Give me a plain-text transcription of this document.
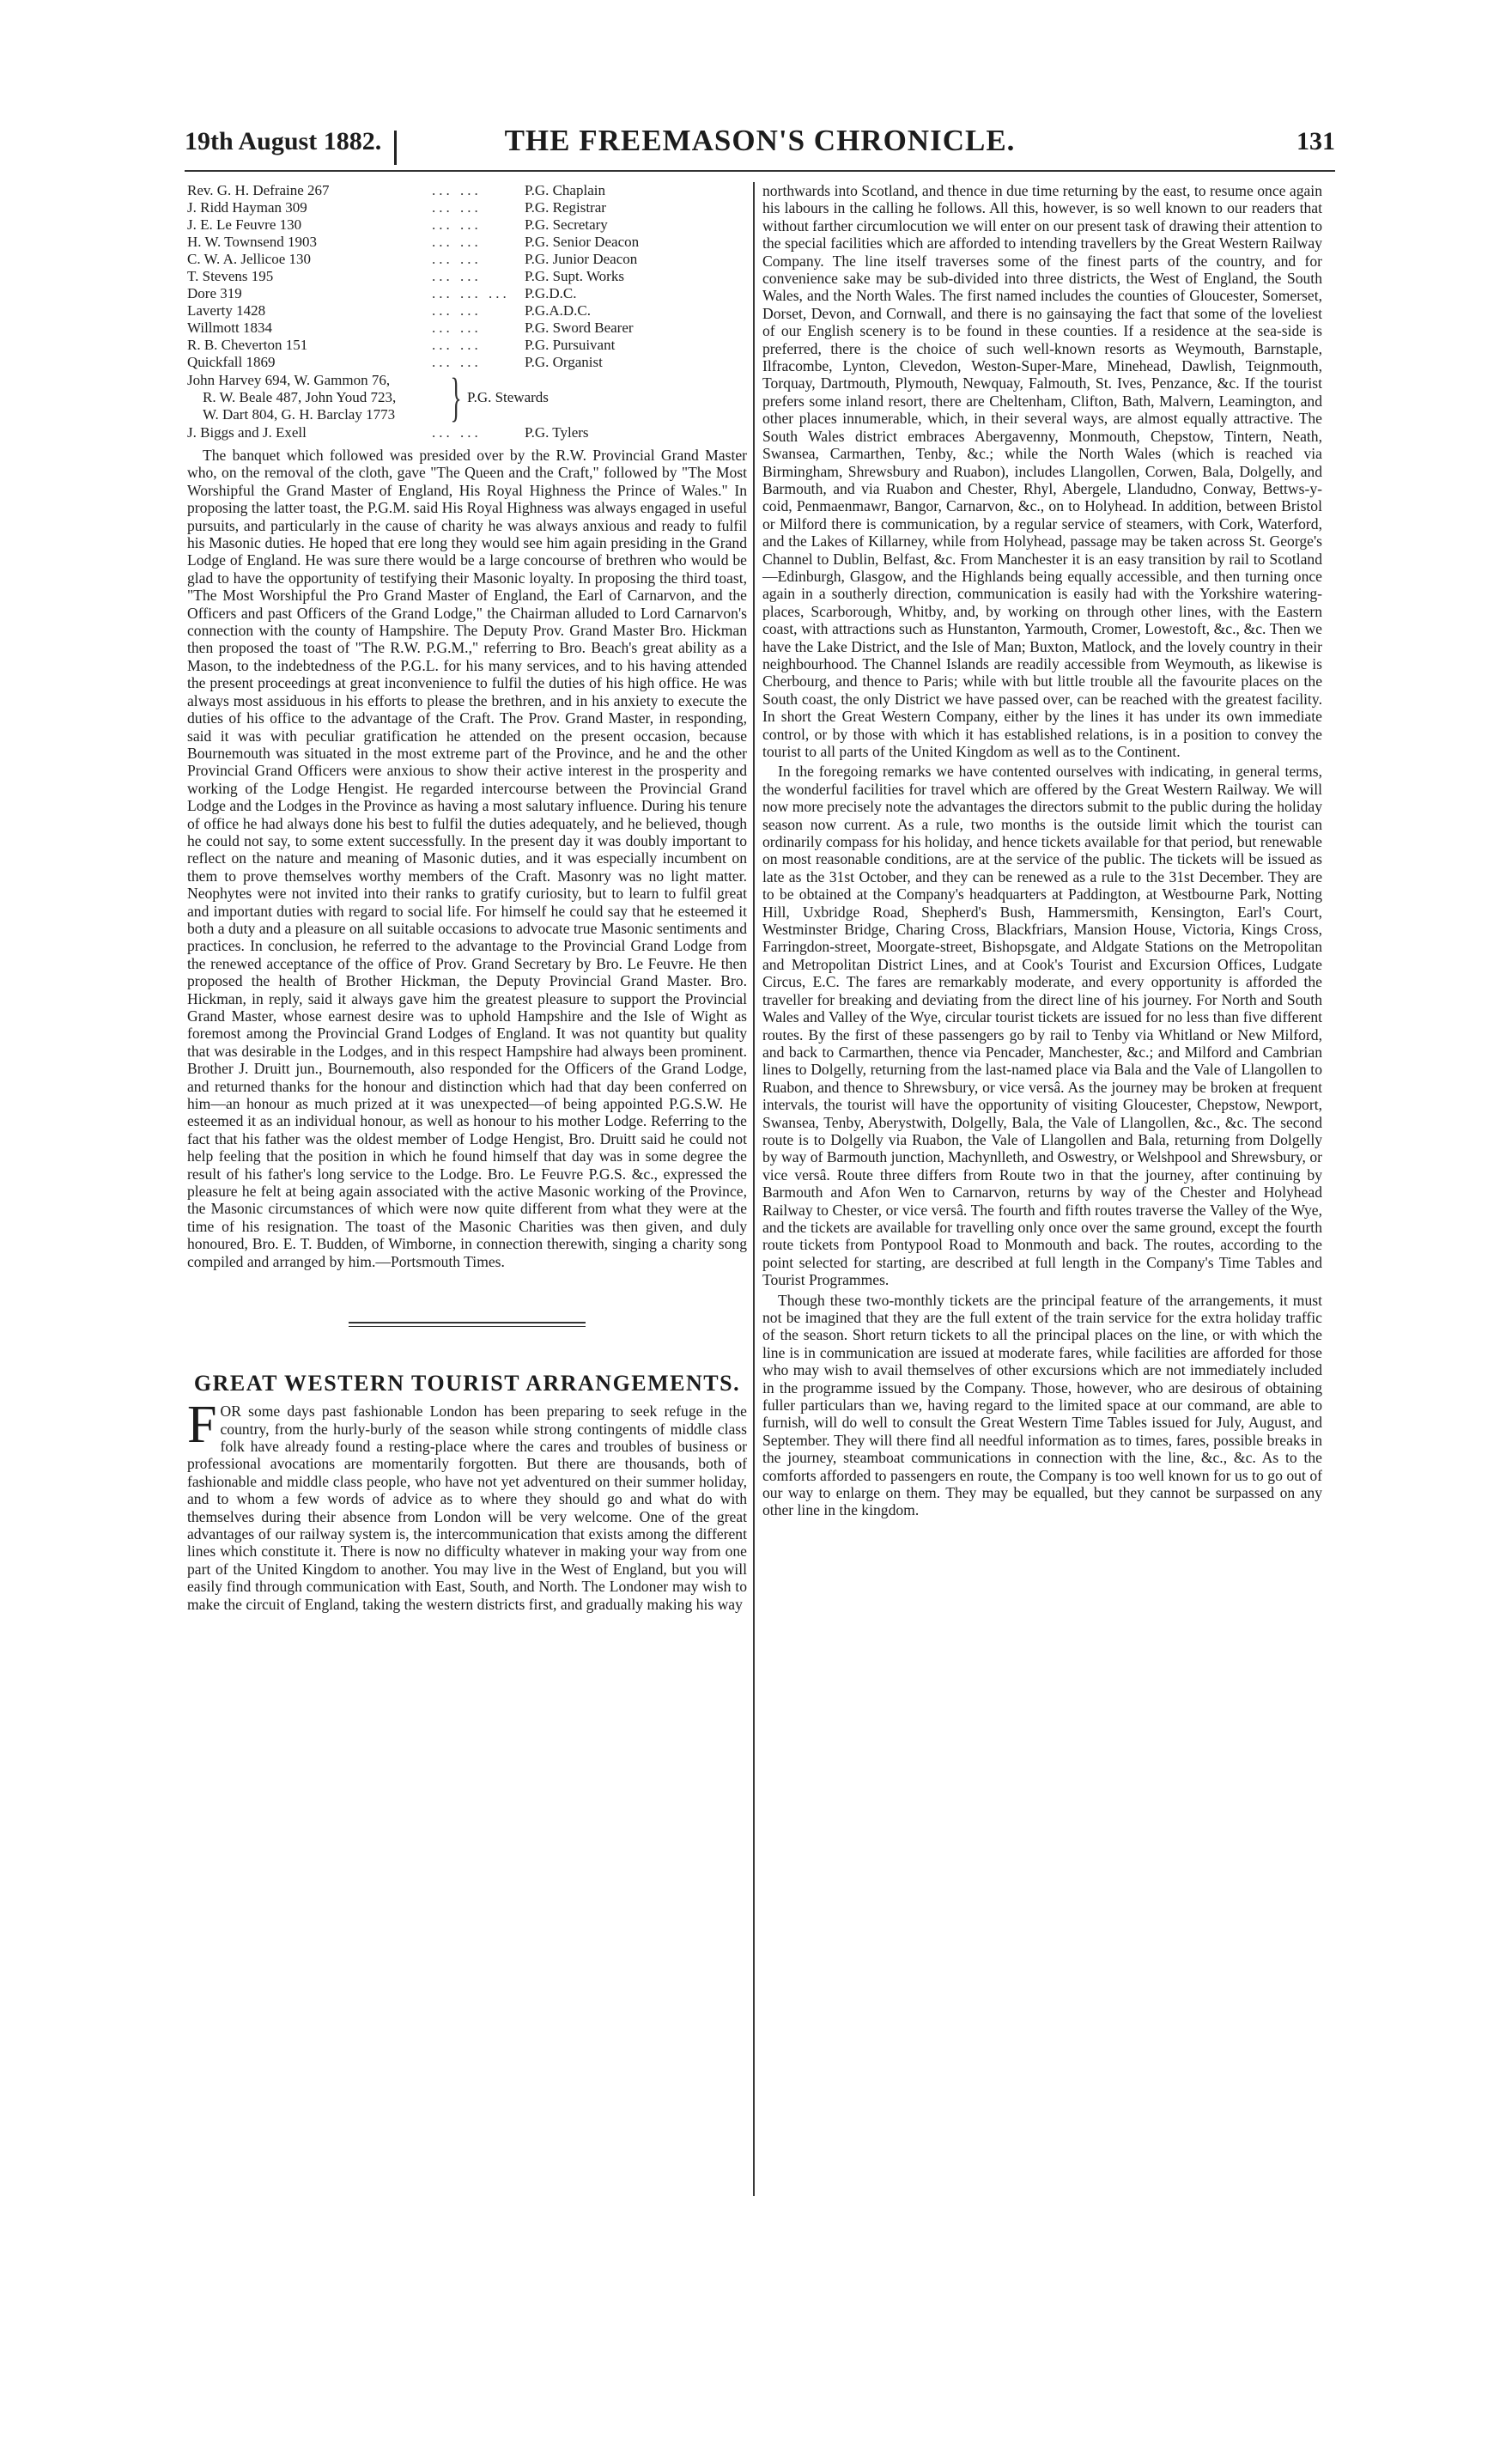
19th August 1882.	THE FREEMASON'S CHRONICLE.	131
Rev. G. H. Defraine 267	... ...	P.G. Chaplain
J. Ridd Hayman 309	... ...	P.G. Registrar
J. E. Le Feuvre 130	... ...	P.G. Secretary
H. W. Townsend 1903	... ...	P.G. Senior Deacon
C. W. A. Jellicoe 130	... ...	P.G. Junior Deacon
T. Stevens 195	... ...	P.G. Supt. Works
Dore 319	... ... ...	P.G.D.C.
Laverty 1428	... ...	P.G.A.D.C.
Willmott 1834	... ...	P.G. Sword Bearer
R. B. Cheverton 151	... ...	P.G. Pursuivant
Quickfall 1869	... ...	P.G. Organist
John Harvey 694, W. Gammon 76,
R. W. Beale 487, John Youd 723,
W. Dart 804, G. H. Barclay 1773	} P.G. Stewards
J. Biggs and J. Exell	... ...	P.G. Tylers

The banquet which followed was presided over by the R.W. Provincial Grand Master who, on the removal of the cloth, gave "The Queen and the Craft," followed by "The Most Worshipful the Grand Master of England, His Royal Highness the Prince of Wales." In proposing the latter toast, the P.G.M. said His Royal Highness was always engaged in useful pursuits, and particularly in the cause of charity he was always anxious and ready to fulfil his Masonic duties. He hoped that ere long they would see him again presiding in the Grand Lodge of England. He was sure there would be a large concourse of brethren who would be glad to have the opportunity of testifying their Masonic loyalty. In proposing the third toast, "The Most Worshipful the Pro Grand Master of England, the Earl of Carnarvon, and the Officers and past Officers of the Grand Lodge," the Chairman alluded to Lord Carnarvon's connection with the county of Hampshire. The Deputy Prov. Grand Master Bro. Hickman then proposed the toast of "The R.W. P.G.M.," referring to Bro. Beach's great ability as a Mason, to the indebtedness of the P.G.L. for his many services, and to his having attended the present proceedings at great inconvenience to fulfil the duties of his high office. He was always most assiduous in his efforts to please the brethren, and in his anxiety to execute the duties of his office to the advantage of the Craft. The Prov. Grand Master, in responding, said it was with peculiar gratification he attended on the present occasion, because Bournemouth was situated in the most extreme part of the Province, and he and the other Provincial Grand Officers were anxious to show their active interest in the prosperity and working of the Lodge Hengist. He regarded intercourse between the Provincial Grand Lodge and the Lodges in the Province as having a most salutary influence. During his tenure of office he had always done his best to fulfil the duties adequately, and he believed, though he could not say, to some extent successfully. In the present day it was doubly important to reflect on the nature and meaning of Masonic duties, and it was especially incumbent on them to prove themselves worthy members of the Craft. Masonry was no light matter. Neophytes were not invited into their ranks to gratify curiosity, but to learn to fulfil great and important duties with regard to social life. For himself he could say that he esteemed it both a duty and a pleasure on all suitable occasions to advocate true Masonic sentiments and practices. In conclusion, he referred to the advantage to the Provincial Grand Lodge from the renewed acceptance of the office of Prov. Grand Secretary by Bro. Le Feuvre. He then proposed the health of Brother Hickman, the Deputy Provincial Grand Master. Bro. Hickman, in reply, said it always gave him the greatest pleasure to support the Provincial Grand Master, whose earnest desire was to uphold Hampshire and the Isle of Wight as foremost among the Provincial Grand Lodges of England. It was not quantity but quality that was desirable in the Lodges, and in this respect Hampshire had always been prominent. Brother J. Druitt jun., Bournemouth, also responded for the Officers of the Grand Lodge, and returned thanks for the honour and distinction which had that day been conferred on him—an honour as much prized at it was unexpected—of being appointed P.G.S.W. He esteemed it as an individual honour, as well as honour to his mother Lodge. Referring to the fact that his father was the oldest member of Lodge Hengist, Bro. Druitt said he could not help feeling that the position in which he found himself that day was in some degree the result of his father's long service to the Lodge. Bro. Le Feuvre P.G.S. &c., expressed the pleasure he felt at being again associated with the active Masonic working of the Province, the Masonic circumstances of which were now quite different from what they were at the time of his resignation. The toast of the Masonic Charities was then given, and duly honoured, Bro. E. T. Budden, of Wimborne, in connection therewith, singing a charity song compiled and arranged by him.—Portsmouth Times.

GREAT WESTERN TOURIST ARRANGEMENTS.

FOR some days past fashionable London has been preparing to seek refuge in the country, from the hurly-burly of the season while strong contingents of middle class folk have already found a resting-place where the cares and troubles of business or professional avocations are momentarily forgotten. But there are thousands, both of fashionable and middle class people, who have not yet adventured on their summer holiday, and to whom a few words of advice as to where they should go and what do with themselves during their absence from London will be very welcome. One of the great advantages of our railway system is, the intercommunication that exists among the different lines which constitute it. There is now no difficulty whatever in making your way from one part of the United Kingdom to another. You may live in the West of England, but you will easily find through communication with East, South, and North. The Londoner may wish to make the circuit of England, taking the western districts first, and gradually making his way

northwards into Scotland, and thence in due time returning by the east, to resume once again his labours in the calling he follows. All this, however, is so well known to our readers that without farther circumlocution we will enter on our present task of drawing their attention to the special facilities which are afforded to intending travellers by the Great Western Railway Company. The line itself traverses some of the finest parts of the country, and for convenience sake may be sub-divided into three districts, the West of England, the South Wales, and the North Wales. The first named includes the counties of Gloucester, Somerset, Dorset, Devon, and Cornwall, and there is no gainsaying the fact that some of the loveliest of our English scenery is to be found in these counties. If a residence at the sea-side is preferred, there is the choice of such well-known resorts as Weymouth, Barnstaple, Ilfracombe, Lynton, Clevedon, Weston-Super-Mare, Minehead, Dawlish, Teignmouth, Torquay, Dartmouth, Plymouth, Newquay, Falmouth, St. Ives, Penzance, &c. If the tourist prefers some inland resort, there are Cheltenham, Clifton, Bath, Malvern, Leamington, and other places innumerable, which, in their several ways, are almost equally attractive. The South Wales district embraces Abergavenny, Monmouth, Chepstow, Tintern, Neath, Swansea, Carmarthen, Tenby, &c.; while the North Wales (which is reached via Birmingham, Shrewsbury and Ruabon), includes Llangollen, Corwen, Bala, Dolgelly, and Barmouth, and via Ruabon and Chester, Rhyl, Abergele, Llandudno, Conway, Bettws-y-coid, Penmaenmawr, Bangor, Carnarvon, &c., on to Holyhead. In addition, between Bristol or Milford there is communication, by a regular service of steamers, with Cork, Waterford, and the Lakes of Killarney, while from Holyhead, passage may be taken across St. George's Channel to Dublin, Belfast, &c. From Manchester it is an easy transition by rail to Scotland—Edinburgh, Glasgow, and the Highlands being equally accessible, and then turning once again in a southerly direction, communication is easily had with the Yorkshire watering-places, Scarborough, Whitby, and, by working on through other lines, with the Eastern coast, with attractions such as Hunstanton, Yarmouth, Cromer, Lowestoft, &c., &c. Then we have the Lake District, and the Isle of Man; Buxton, Matlock, and the lovely country in their neighbourhood. The Channel Islands are readily accessible from Weymouth, as likewise is Cherbourg, and thence to Paris; while with but little trouble all the favourite places on the South coast, the only District we have passed over, can be reached with the greatest facility. In short the Great Western Company, either by the lines it has under its own immediate control, or by those with which it has established relations, is in a position to convey the tourist to all parts of the United Kingdom as well as to the Continent.

In the foregoing remarks we have contented ourselves with indicating, in general terms, the wonderful facilities for travel which are offered by the Great Western Railway. We will now more precisely note the advantages the directors submit to the public during the holiday season now current. As a rule, two months is the outside limit which the tourist can ordinarily compass for his holiday, and hence tickets available for that period, but renewable on most reasonable conditions, are at the service of the public. The tickets will be issued as late as the 31st October, and they can be renewed as a rule to the 31st December. They are to be obtained at the Company's headquarters at Paddington, at Westbourne Park, Notting Hill, Uxbridge Road, Shepherd's Bush, Hammersmith, Kensington, Earl's Court, Westminster Bridge, Charing Cross, Blackfriars, Mansion House, Victoria, Kings Cross, Farringdon-street, Moorgate-street, Bishopsgate, and Aldgate Stations on the Metropolitan and Metropolitan District Lines, and at Cook's Tourist and Excursion Offices, Ludgate Circus, E.C. The fares are remarkably moderate, and every opportunity is afforded the traveller for breaking and deviating from the direct line of his journey. For North and South Wales and Valley of the Wye, circular tourist tickets are issued for no less than five different routes. By the first of these passengers go by rail to Tenby via Whitland or New Milford, and back to Carmarthen, thence via Pencader, Manchester, &c.; and Milford and Cambrian lines to Dolgelly, returning from the last-named place via Bala and the Vale of Llangollen to Ruabon, and thence to Shrewsbury, or vice versâ. As the journey may be broken at frequent intervals, the tourist will have the opportunity of visiting Gloucester, Chepstow, Newport, Swansea, Tenby, Aberystwith, Dolgelly, Bala, the Vale of Llangollen, &c., &c. The second route is to Dolgelly via Ruabon, the Vale of Llangollen and Bala, returning from Dolgelly by way of Barmouth junction, Machynlleth, and Oswestry, or Welshpool and Shrewsbury, or vice versâ. Route three differs from Route two in that the journey, after continuing by Barmouth and Afon Wen to Carnarvon, returns by way of the Chester and Holyhead Railway to Chester, or vice versâ. The fourth and fifth routes traverse the Valley of the Wye, and the tickets are available for travelling only once over the same ground, except the fourth route tickets from Pontypool Road to Monmouth and back. The routes, according to the point selected for starting, are described at full length in the Company's Time Tables and Tourist Programmes.

Though these two-monthly tickets are the principal feature of the arrangements, it must not be imagined that they are the full extent of the train service for the extra holiday traffic of the season. Short return tickets to all the principal places on the line, or with which the line is in communication are issued at moderate fares, while facilities are afforded for those who may wish to avail themselves of other excursions which are not immediately included in the programme issued by the Company. Those, however, who are desirous of obtaining fuller particulars than we, having regard to the limited space at our command, are able to furnish, will do well to consult the Great Western Time Tables issued for July, August, and September. They will there find all needful information as to times, fares, possible breaks in the journey, steamboat communications in connection with the line, &c., &c. As to the comforts afforded to passengers en route, the Company is too well known for us to go out of our way to enlarge on them. They may be equalled, but they cannot be surpassed on any other line in the kingdom.
